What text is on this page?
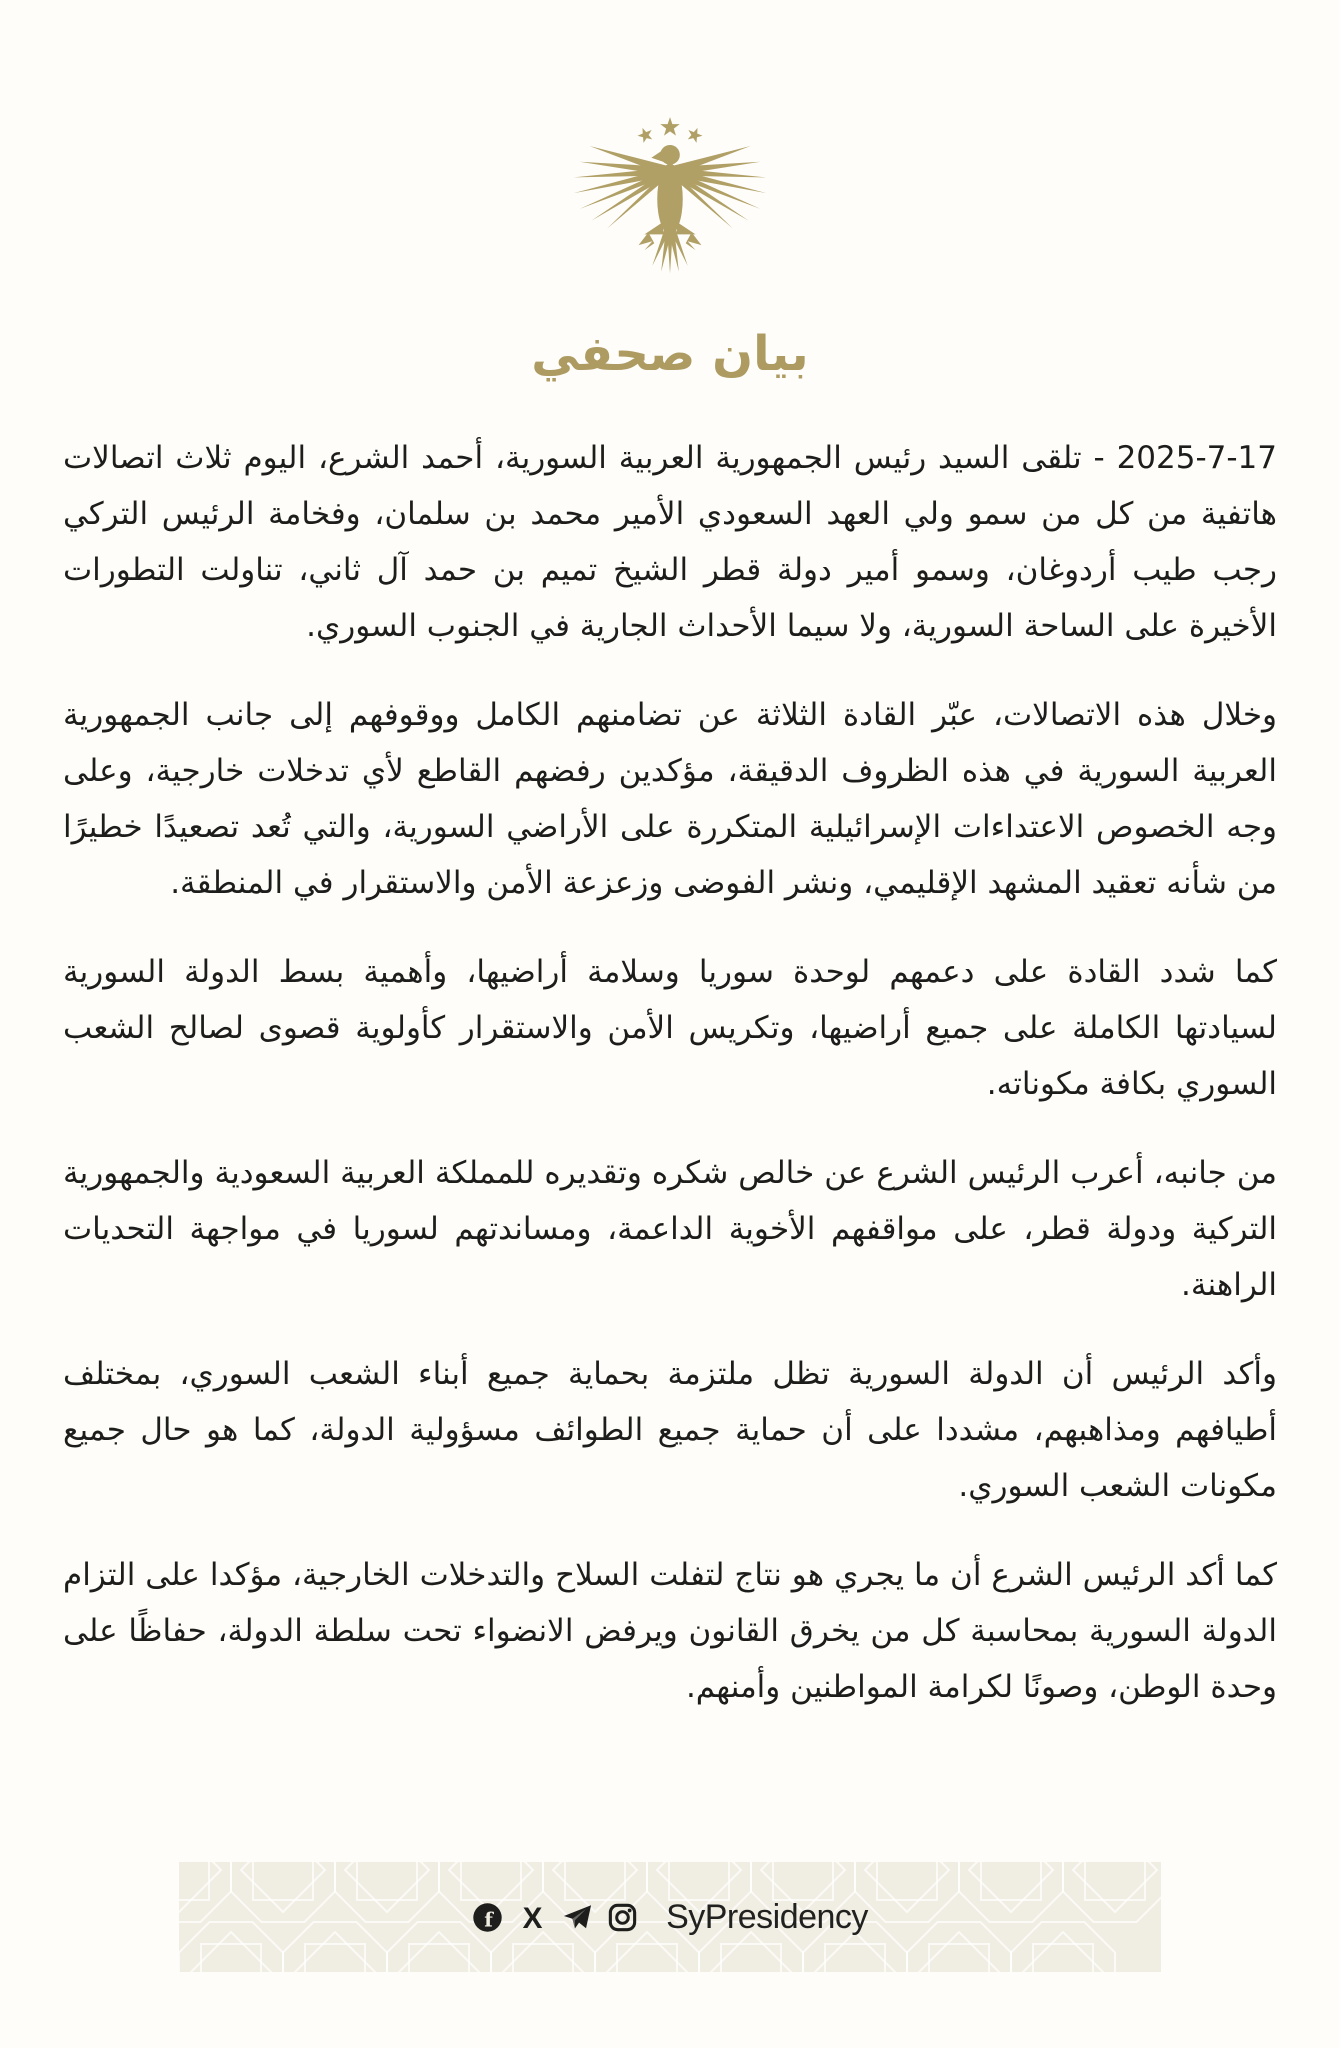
بيان صحفي

2025-7-17 - تلقى السيد رئيس الجمهورية العربية السورية، أحمد الشرع، اليوم ثلاث اتصالات هاتفية من كل من سمو ولي العهد السعودي الأمير محمد بن سلمان، وفخامة الرئيس التركي رجب طيب أردوغان، وسمو أمير دولة قطر الشيخ تميم بن حمد آل ثاني، تناولت التطورات الأخيرة على الساحة السورية، ولا سيما الأحداث الجارية في الجنوب السوري.

وخلال هذه الاتصالات، عبّر القادة الثلاثة عن تضامنهم الكامل ووقوفهم إلى جانب الجمهورية العربية السورية في هذه الظروف الدقيقة، مؤكدين رفضهم القاطع لأي تدخلات خارجية، وعلى وجه الخصوص الاعتداءات الإسرائيلية المتكررة على الأراضي السورية، والتي تُعد تصعيدًا خطيرًا من شأنه تعقيد المشهد الإقليمي، ونشر الفوضى وزعزعة الأمن والاستقرار في المنطقة.

كما شدد القادة على دعمهم لوحدة سوريا وسلامة أراضيها، وأهمية بسط الدولة السورية لسيادتها الكاملة على جميع أراضيها، وتكريس الأمن والاستقرار كأولوية قصوى لصالح الشعب السوري بكافة مكوناته.

من جانبه، أعرب الرئيس الشرع عن خالص شكره وتقديره للمملكة العربية السعودية والجمهورية التركية ودولة قطر، على مواقفهم الأخوية الداعمة، ومساندتهم لسوريا في مواجهة التحديات الراهنة.

وأكد الرئيس أن الدولة السورية تظل ملتزمة بحماية جميع أبناء الشعب السوري، بمختلف أطيافهم ومذاهبهم، مشددا على أن حماية جميع الطوائف مسؤولية الدولة، كما هو حال جميع مكونات الشعب السوري.

كما أكد الرئيس الشرع أن ما يجري هو نتاج لتفلت السلاح والتدخلات الخارجية، مؤكدا على التزام الدولة السورية بمحاسبة كل من يخرق القانون ويرفض الانضواء تحت سلطة الدولة، حفاظًا على وحدة الوطن، وصونًا لكرامة المواطنين وأمنهم.

f X	SyPresidency
